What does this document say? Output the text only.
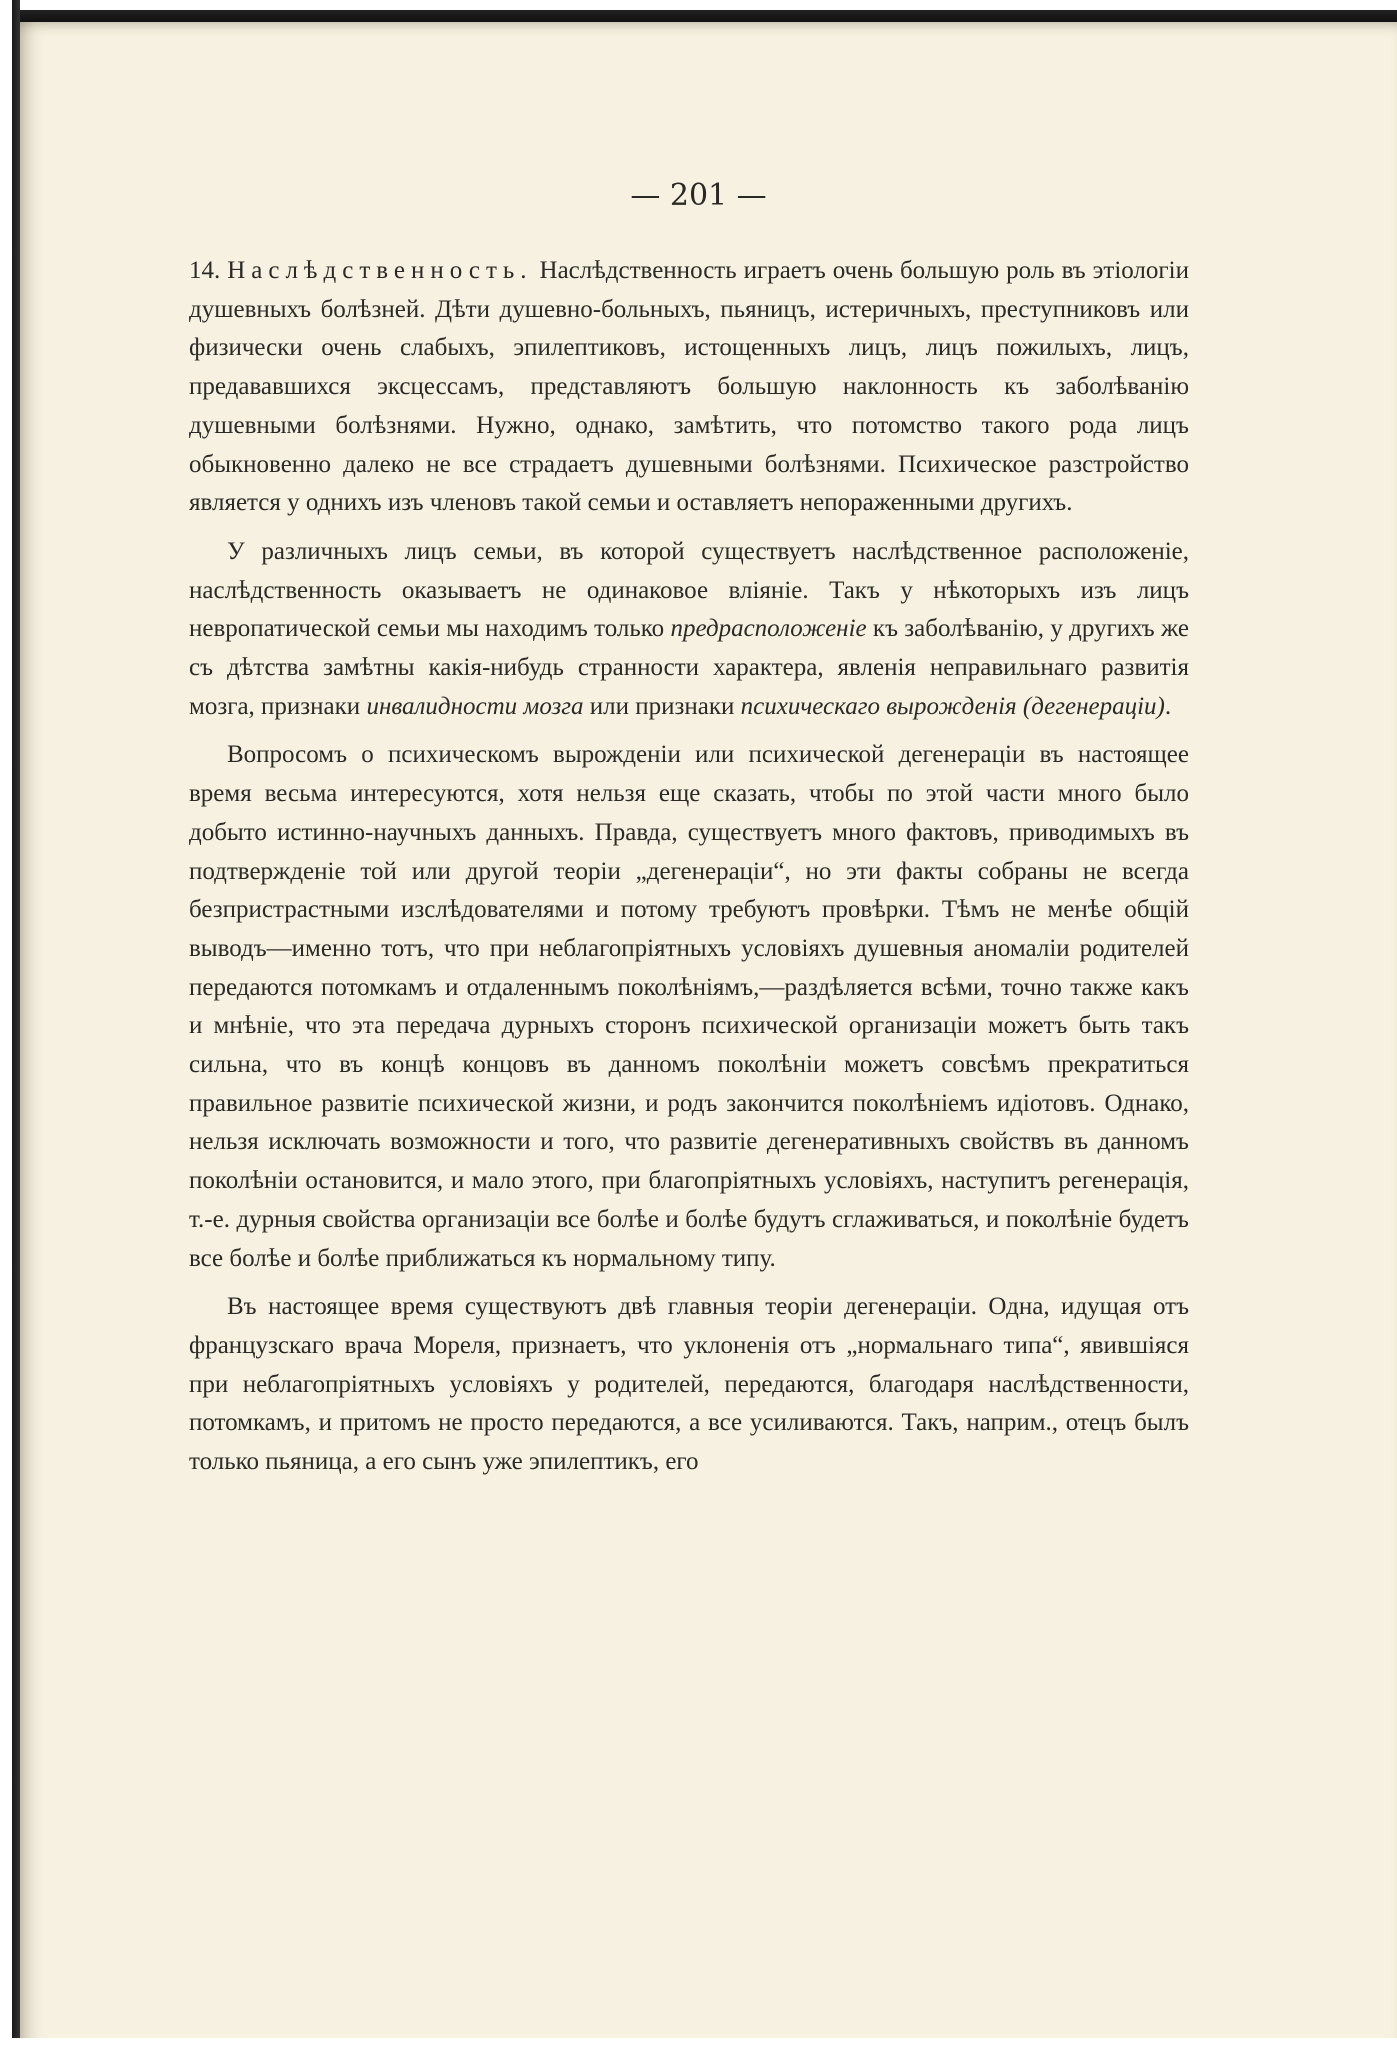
— 201 —

14. Наслѣдственность. Наслѣдственность играетъ очень большую роль въ этіологіи душевныхъ болѣзней. Дѣти душевно-больныхъ, пьяницъ, истеричныхъ, преступниковъ или физически очень слабыхъ, эпилептиковъ, истощенныхъ лицъ, лицъ пожилыхъ, лицъ, предававшихся эксцессамъ, представляютъ большую наклонность къ заболѣванію душевными болѣзнями. Нужно, однако, замѣтить, что потомство такого рода лицъ обыкновенно далеко не все страдаетъ душевными болѣзнями. Психическое разстройство является у однихъ изъ членовъ такой семьи и оставляетъ непораженными другихъ.

У различныхъ лицъ семьи, въ которой существуетъ наслѣдственное расположеніе, наслѣдственность оказываетъ не одинаковое вліяніе. Такъ у нѣкоторыхъ изъ лицъ невропатической семьи мы находимъ только предрасположеніе къ заболѣванію, у другихъ же съ дѣтства замѣтны какія-нибудь странности характера, явленія неправильнаго развитія мозга, признаки инвалидности мозга или признаки психическаго вырожденія (дегенераціи).

Вопросомъ о психическомъ вырожденіи или психической дегенераціи въ настоящее время весьма интересуются, хотя нельзя еще сказать, чтобы по этой части много было добыто истинно-научныхъ данныхъ. Правда, существуетъ много фактовъ, приводимыхъ въ подтвержденіе той или другой теоріи „дегенераціи“, но эти факты собраны не всегда безпристрастными изслѣдователями и потому требуютъ провѣрки. Тѣмъ не менѣе общій выводъ—именно тотъ, что при неблагопріятныхъ условіяхъ душевныя аномаліи родителей передаются потомкамъ и отдаленнымъ поколѣніямъ,—раздѣляется всѣми, точно также какъ и мнѣніе, что эта передача дурныхъ сторонъ психической организаціи можетъ быть такъ сильна, что въ концѣ концовъ въ данномъ поколѣніи можетъ совсѣмъ прекратиться правильное развитіе психической жизни, и родъ закончится поколѣніемъ идіотовъ. Однако, нельзя исключать возможности и того, что развитіе дегенеративныхъ свойствъ въ данномъ поколѣніи остановится, и мало этого, при благопріятныхъ условіяхъ, наступитъ регенерація, т.-е. дурныя свойства организаціи все болѣе и болѣе будутъ сглаживаться, и поколѣніе будетъ все болѣе и болѣе приближаться къ нормальному типу.

Въ настоящее время существуютъ двѣ главныя теоріи дегенераціи. Одна, идущая отъ французскаго врача Мореля, признаетъ, что уклоненія отъ „нормальнаго типа“, явившіяся при неблагопріятныхъ условіяхъ у родителей, передаются, благодаря наслѣдственности, потомкамъ, и притомъ не просто передаются, а все усиливаются. Такъ, наприм., отецъ былъ только пьяница, а его сынъ уже эпилептикъ, его
